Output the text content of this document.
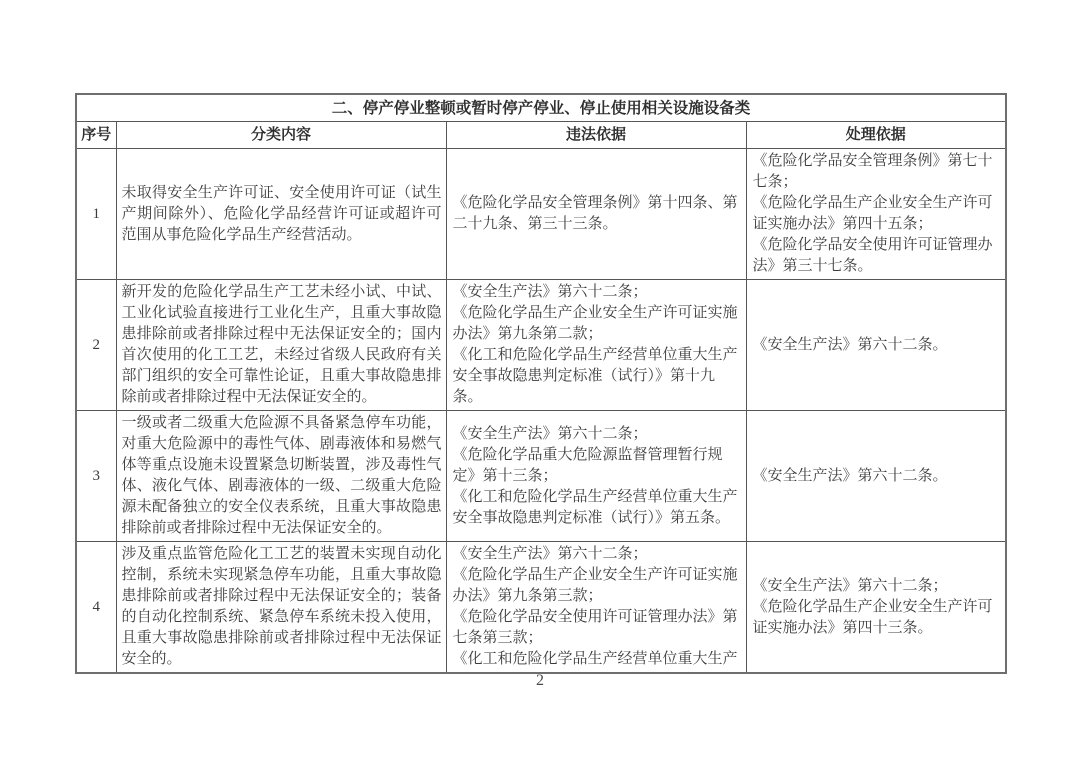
二、停产停业整顿或暂时停产停业、停止使用相关设施设备类			
序号	分类内容	违法依据	处理依据
1	未取得安全生产许可证、安全使用许可证（试生产期间除外）、危险化学品经营许可证或超许可范围从事危险化学品生产经营活动。	《危险化学品安全管理条例》第十四条、第二十九条、第三十三条。	《危险化学品安全管理条例》第七十七条；
《危险化学品生产企业安全生产许可证实施办法》第四十五条；
《危险化学品安全使用许可证管理办法》第三十七条。
2	新开发的危险化学品生产工艺未经小试、中试、工业化试验直接进行工业化生产，且重大事故隐患排除前或者排除过程中无法保证安全的；国内首次使用的化工工艺，未经过省级人民政府有关部门组织的安全可靠性论证，且重大事故隐患排除前或者排除过程中无法保证安全的。	《安全生产法》第六十二条；
《危险化学品生产企业安全生产许可证实施办法》第九条第二款；
《化工和危险化学品生产经营单位重大生产安全事故隐患判定标准（试行）》第十九条。	《安全生产法》第六十二条。
3	一级或者二级重大危险源不具备紧急停车功能，对重大危险源中的毒性气体、剧毒液体和易燃气体等重点设施未设置紧急切断装置，涉及毒性气体、液化气体、剧毒液体的一级、二级重大危险源未配备独立的安全仪表系统，且重大事故隐患排除前或者排除过程中无法保证安全的。	《安全生产法》第六十二条；
《危险化学品重大危险源监督管理暂行规定》第十三条；
《化工和危险化学品生产经营单位重大生产安全事故隐患判定标准（试行）》第五条。	《安全生产法》第六十二条。
4	涉及重点监管危险化工工艺的装置未实现自动化控制，系统未实现紧急停车功能，且重大事故隐患排除前或者排除过程中无法保证安全的；装备的自动化控制系统、紧急停车系统未投入使用，且重大事故隐患排除前或者排除过程中无法保证安全的。	《安全生产法》第六十二条；
《危险化学品生产企业安全生产许可证实施办法》第九条第三款；
《危险化学品安全使用许可证管理办法》第七条第三款；
《化工和危险化学品生产经营单位重大生产	《安全生产法》第六十二条；
《危险化学品生产企业安全生产许可证实施办法》第四十三条。
2
